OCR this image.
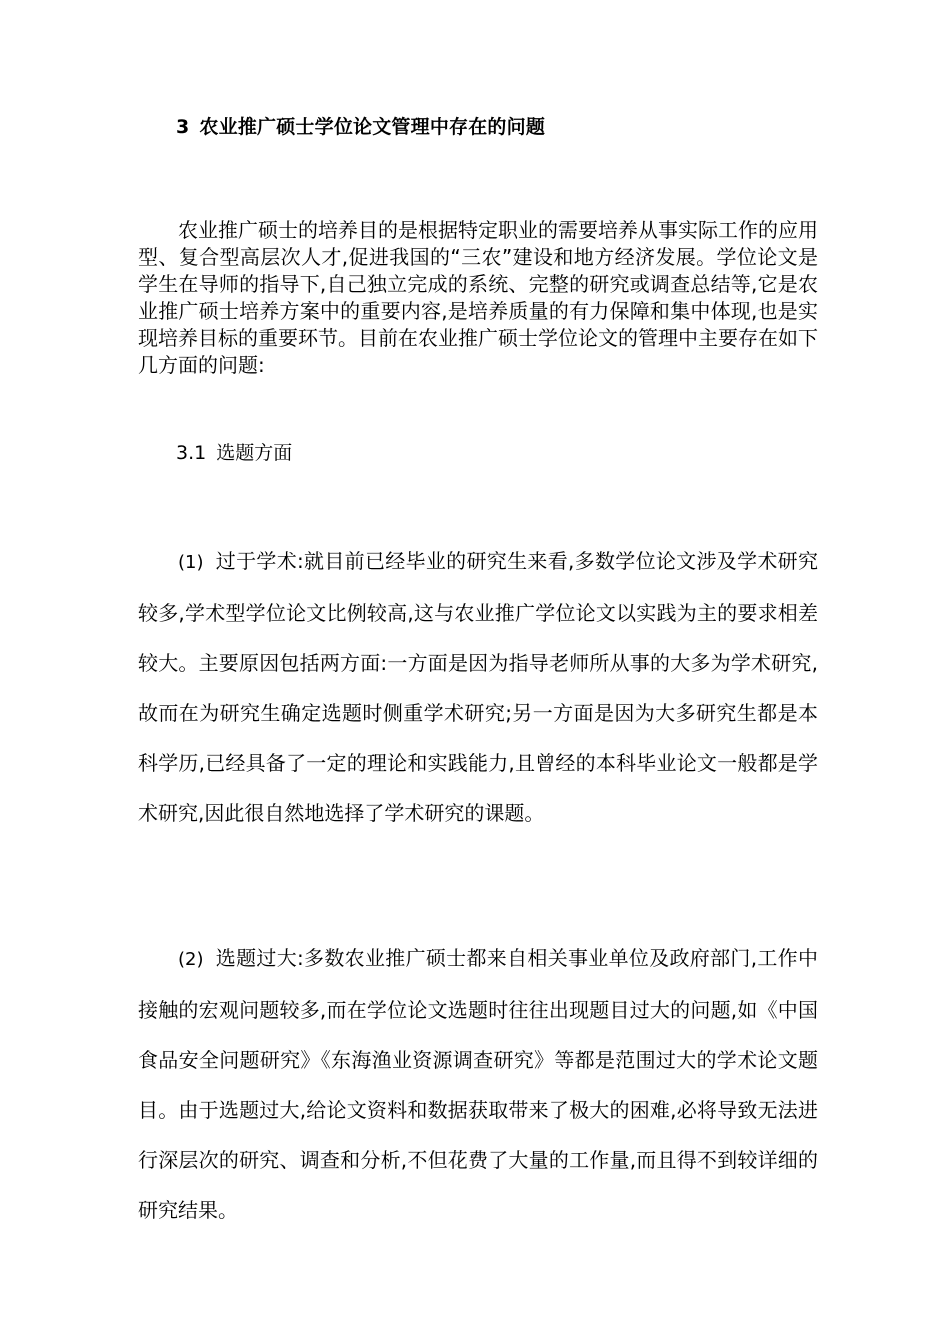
3 农业推广硕士学位论文管理中存在的问题

农业推广硕士的培养目的是根据特定职业的需要培养从事实际工作的应用型、复合型高层次人才,促进我国的“三农”建设和地方经济发展。学位论文是学生在导师的指导下,自己独立完成的系统、完整的研究或调查总结等,它是农业推广硕士培养方案中的重要内容,是培养质量的有力保障和集中体现,也是实现培养目标的重要环节。目前在农业推广硕士学位论文的管理中主要存在如下几方面的问题:

3.1 选题方面

(1) 过于学术:就目前已经毕业的研究生来看,多数学位论文涉及学术研究较多,学术型学位论文比例较高,这与农业推广学位论文以实践为主的要求相差较大。主要原因包括两方面:一方面是因为指导老师所从事的大多为学术研究,故而在为研究生确定选题时侧重学术研究;另一方面是因为大多研究生都是本科学历,已经具备了一定的理论和实践能力,且曾经的本科毕业论文一般都是学术研究,因此很自然地选择了学术研究的课题。

(2) 选题过大:多数农业推广硕士都来自相关事业单位及政府部门,工作中接触的宏观问题较多,而在学位论文选题时往往出现题目过大的问题,如《中国食品安全问题研究》《东海渔业资源调查研究》等都是范围过大的学术论文题目。由于选题过大,给论文资料和数据获取带来了极大的困难,必将导致无法进行深层次的研究、调查和分析,不但花费了大量的工作量,而且得不到较详细的研究结果。
